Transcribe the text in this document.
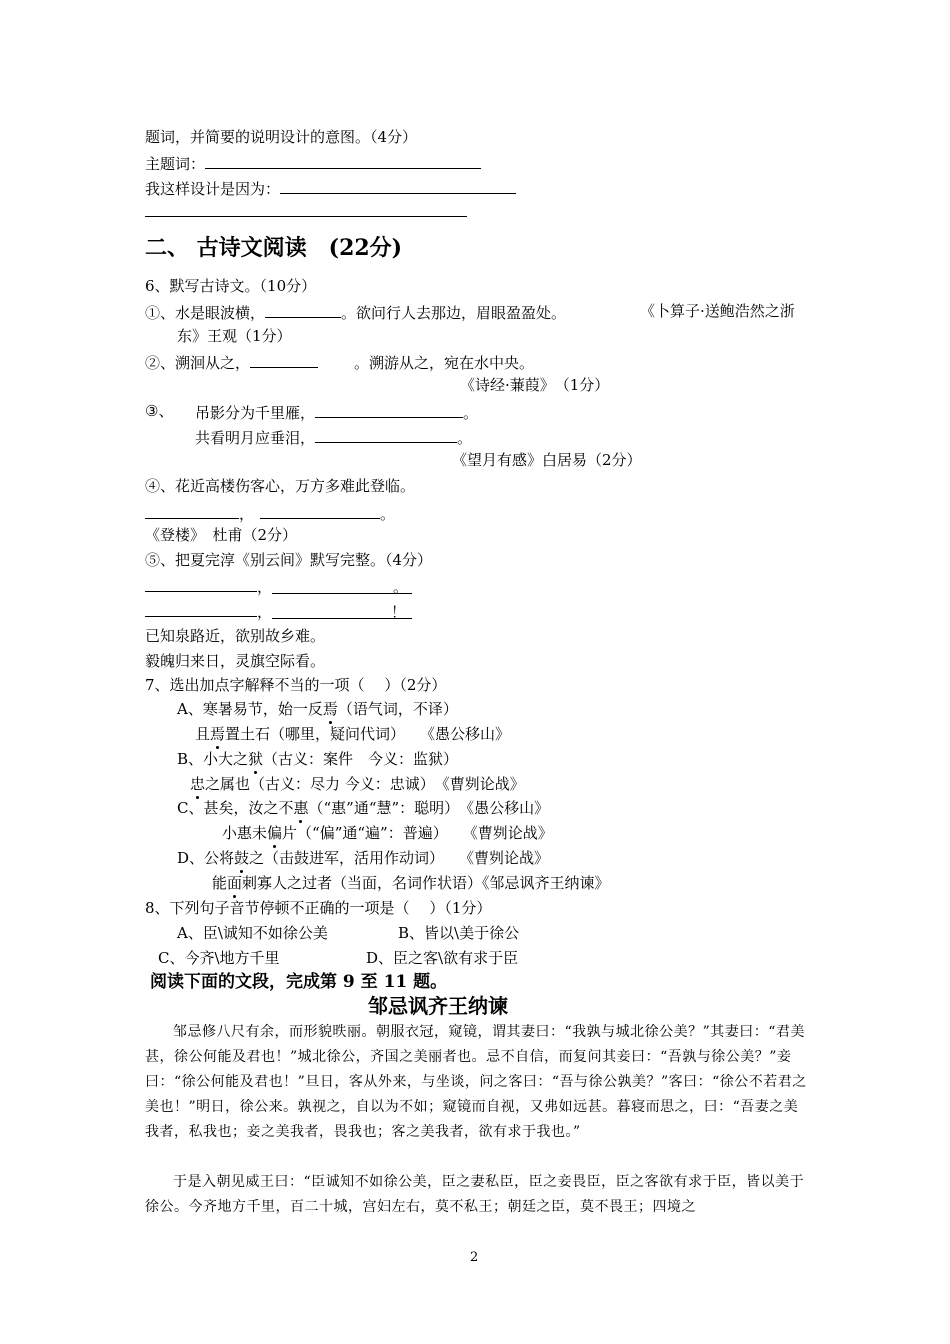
题词，并简要的说明设计的意图。（4分）
主题词：
我这样设计是因为：
二、 古诗文阅读　(22分)
6、默写古诗文。（10分）
①、水是眼波横，	。欲问行人去那边，眉眼盈盈处。	《卜算子·送鲍浩然之浙
东》王观（1分）
②、溯洄从之，	。溯游从之，宛在水中央。
《诗经·蒹葭》　（1分）
③、 吊影分为千里雁，	。
共看明月应垂泪，	。
《望月有感》白居易（2分）
④、花近高楼伤客心，万方多难此登临。
，	。
《登楼》　杜甫（2分）
⑤、把夏完淳《别云间》默写完整。（4分）
，	。
，	！
已知泉路近，欲别故乡难。
毅魄归来日，灵旗空际看。
7、选出加点字解释不当的一项（　 ）（2分）
A、寒暑易节，始一反焉（语气词，不译）
且焉置土石（哪里，疑问代词）　　《愚公移山》
B、小大之狱（古义：案件　今义：监狱）
忠之属也（古义：尽力 今义：忠诚）　《曹刿论战》
C、甚矣，汝之不惠（“惠”通“慧”：聪明）　《愚公移山》
小惠未偏片（“偏”通“遍”：普遍）　　《曹刿论战》
D、公将鼓之（击鼓进军，活用作动词）　　《曹刿论战》
能面刺寡人之过者（当面，名词作状语）《邹忌讽齐王纳谏》
8、下列句子音节停顿不正确的一项是（　 ）（1分）
A、臣\诚知不如徐公美	B、皆以\美于徐公
C、今齐\地方千里	D、臣之客\欲有求于臣
阅读下面的文段，完成第 9 至 11 题。
邹忌讽齐王纳谏
邹忌修八尺有余，而形貌昳丽。朝服衣冠，窥镜，谓其妻曰：“我孰与城北徐公美？”其妻曰：“君美甚，徐公何能及君也！”城北徐公，齐国之美丽者也。忌不自信，而复问其妾曰：“吾孰与徐公美？”妾曰：“徐公何能及君也！”旦日，客从外来，与坐谈，问之客曰：“吾与徐公孰美？”客曰：“徐公不若君之美也！”明日，徐公来。孰视之，自以为不如；窥镜而自视，又弗如远甚。暮寝而思之，曰：“吾妻之美我者，私我也；妾之美我者，畏我也；客之美我者，欲有求于我也。”
于是入朝见威王曰：“臣诚知不如徐公美，臣之妻私臣，臣之妾畏臣，臣之客欲有求于臣，皆以美于徐公。今齐地方千里，百二十城，宫妇左右，莫不私王；朝廷之臣，莫不畏王；四境之
2
